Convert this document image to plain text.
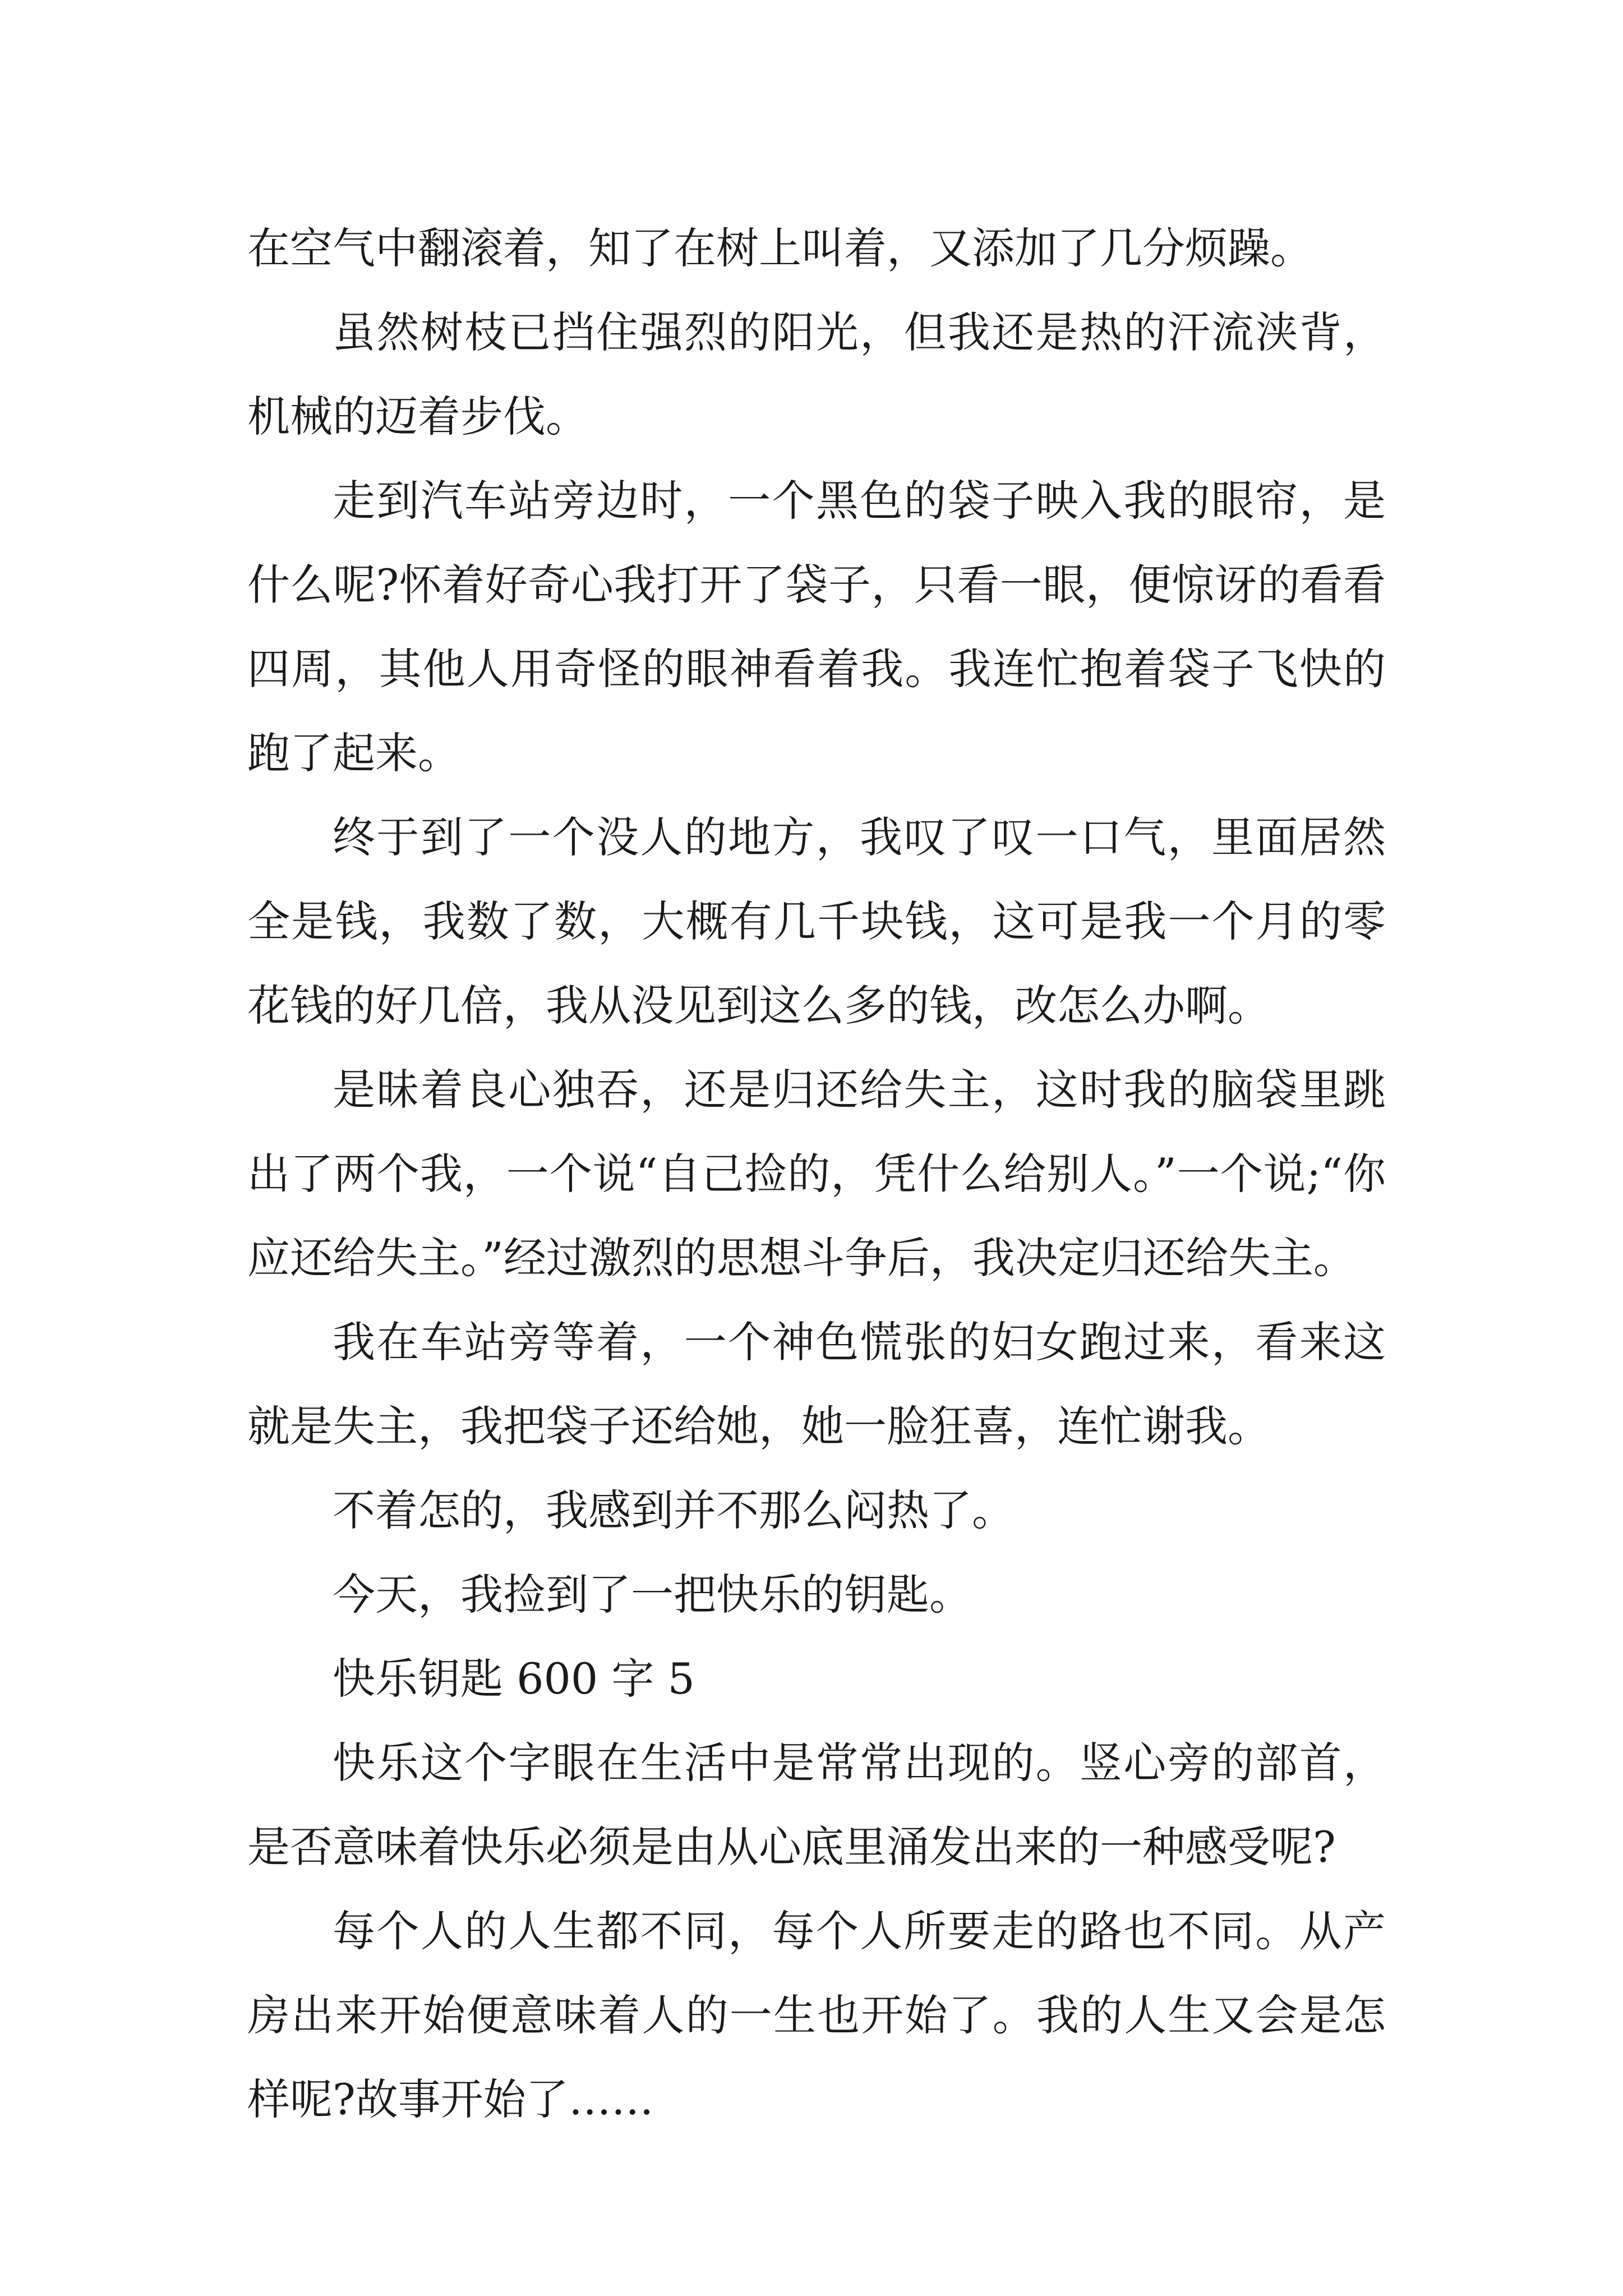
在空气中翻滚着，知了在树上叫着，又添加了几分烦躁。

虽然树枝已挡住强烈的阳光，但我还是热的汗流浃背，机械的迈着步伐。

走到汽车站旁边时，一个黑色的袋子映入我的眼帘，是什么呢?怀着好奇心我打开了袋子，只看一眼，便惊讶的看看四周，其他人用奇怪的眼神看着我。我连忙抱着袋子飞快的跑了起来。

终于到了一个没人的地方，我叹了叹一口气，里面居然全是钱，我数了数，大概有几千块钱，这可是我一个月的零花钱的好几倍，我从没见到这么多的钱，改怎么办啊。

是昧着良心独吞，还是归还给失主，这时我的脑袋里跳出了两个我，一个说“自己捡的，凭什么给别人。”一个说;“你应还给失主。”经过激烈的思想斗争后，我决定归还给失主。

我在车站旁等着，一个神色慌张的妇女跑过来，看来这就是失主，我把袋子还给她，她一脸狂喜，连忙谢我。

不着怎的，我感到并不那么闷热了。

今天，我捡到了一把快乐的钥匙。

快乐钥匙 600 字 5

快乐这个字眼在生活中是常常出现的。竖心旁的部首，是否意味着快乐必须是由从心底里涌发出来的一种感受呢?

每个人的人生都不同，每个人所要走的路也不同。从产房出来开始便意味着人的一生也开始了。我的人生又会是怎样呢?故事开始了……
